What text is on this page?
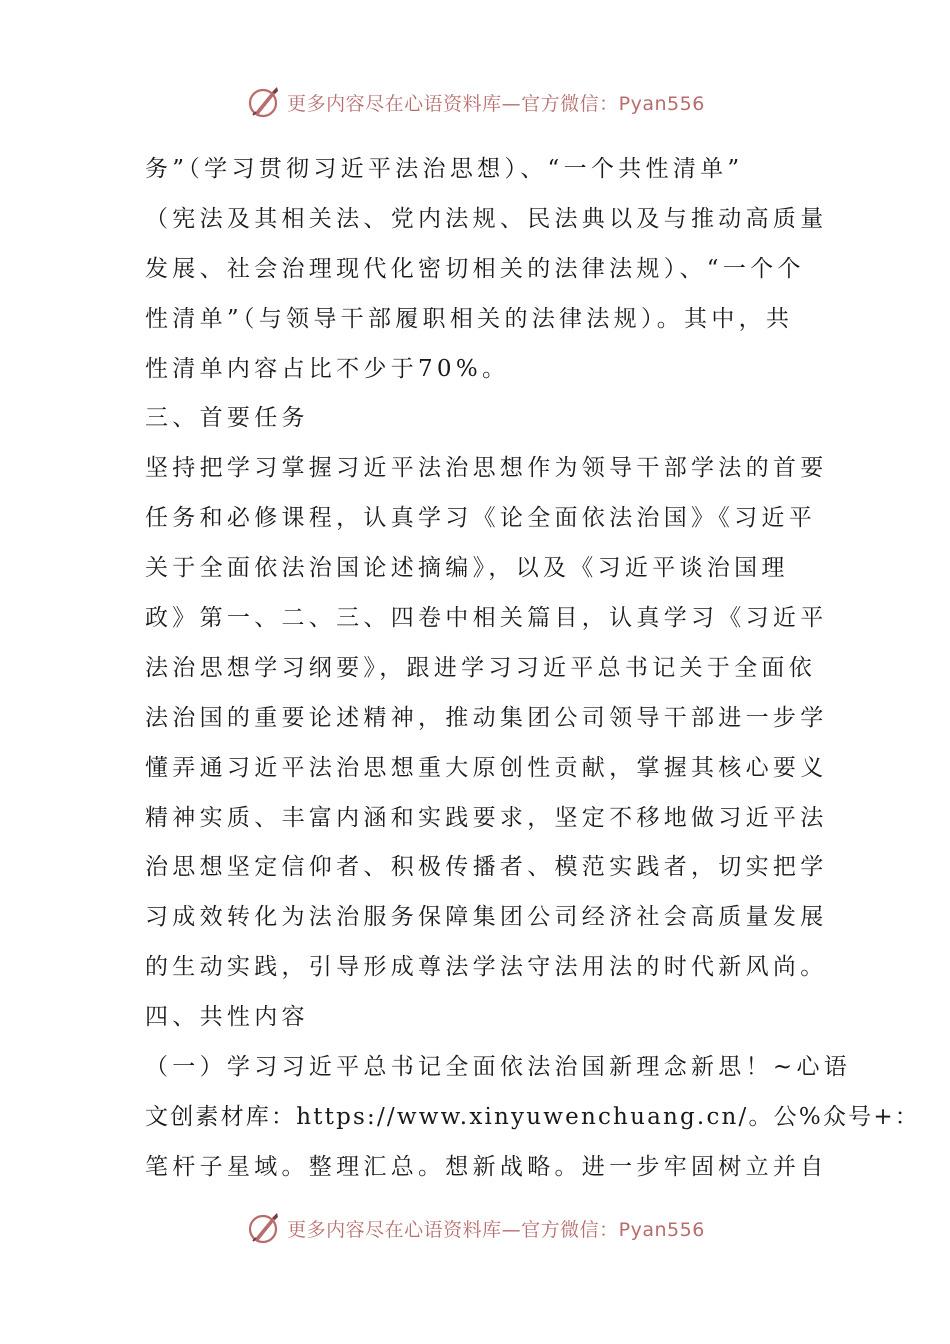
更多内容尽在心语资料库—官方微信：Pyan556
务”（学习贯彻习近平法治思想）、“一个共性清单”
（宪法及其相关法、党内法规、民法典以及与推动高质量
发展、社会治理现代化密切相关的法律法规）、“一个个
性清单”（与领导干部履职相关的法律法规）。其中，共
性清单内容占比不少于70%。
三、首要任务
坚持把学习掌握习近平法治思想作为领导干部学法的首要
任务和必修课程，认真学习《论全面依法治国》《习近平
关于全面依法治国论述摘编》，以及《习近平谈治国理
政》第一、二、三、四卷中相关篇目，认真学习《习近平
法治思想学习纲要》，跟进学习习近平总书记关于全面依
法治国的重要论述精神，推动集团公司领导干部进一步学
懂弄通习近平法治思想重大原创性贡献，掌握其核心要义
精神实质、丰富内涵和实践要求，坚定不移地做习近平法
治思想坚定信仰者、积极传播者、模范实践者，切实把学
习成效转化为法治服务保障集团公司经济社会高质量发展
的生动实践，引导形成尊法学法守法用法的时代新风尚。
四、共性内容
（一）学习习近平总书记全面依法治国新理念新思！~心语
文创素材库：https://www.xinyuwenchuang.cn/。公%众号+：
笔杆子星域。整理汇总。想新战略。进一步牢固树立并自
更多内容尽在心语资料库—官方微信：Pyan556
